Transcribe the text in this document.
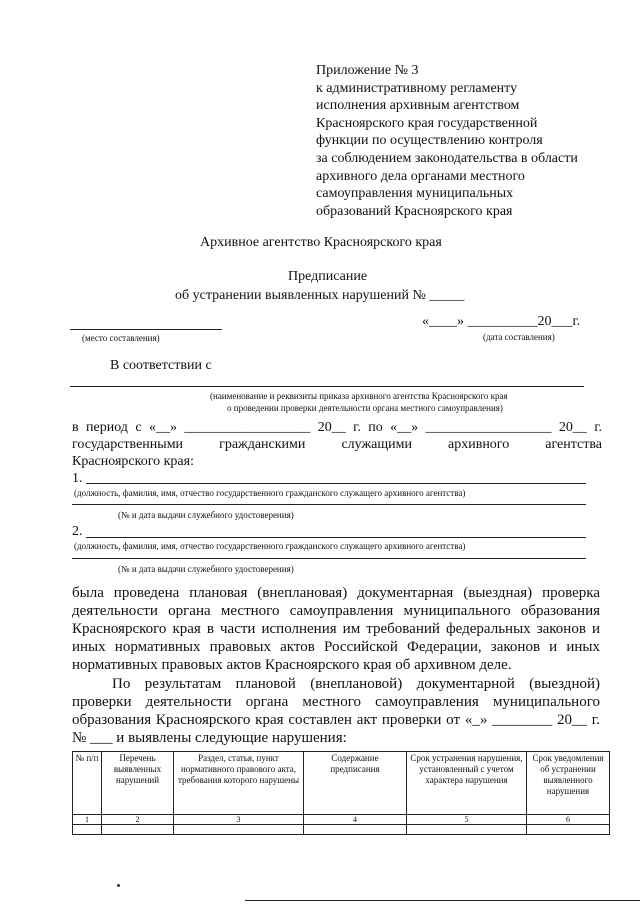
Приложение № 3
к административному регламенту
исполнения архивным агентством
Красноярского края государственной
функции по осуществлению контроля
за соблюдением законодательства в области
архивного дела органами местного
самоуправления муниципальных
образований Красноярского края
Архивное агентство Красноярского края
Предписание
об устранении выявленных нарушений № _____
(место составления)
«____» __________20___г.
(дата составления)
В соответствии с
(наименование и реквизиты приказа архивного агентства Красноярского края
о проведении проверки деятельности органа местного самоуправления)
в период с «__» __________________ 20__ г. по «__» __________________ 20__ г.
государственными	гражданскими	служащими	архивного	агентства
Красноярского края:
1.
(должность, фамилия, имя, отчество государственного гражданского служащего архивного агентства)
(№ и дата выдачи служебного удостоверения)
2.
(должность, фамилия, имя, отчество государственного гражданского служащего архивного агентства)
(№ и дата выдачи служебного удостоверения)
была проведена плановая (внеплановая) документарная (выездная) проверка
деятельности органа местного самоуправления муниципального образования
Красноярского края в части исполнения им требований федеральных законов и
иных нормативных правовых актов Российской Федерации, законов и иных
нормативных правовых актов Красноярского края об архивном деле.
По результатам плановой (внеплановой) документарной (выездной)
проверки деятельности органа местного самоуправления муниципального
образования Красноярского края составлен акт проверки от «_» ________ 20__ г.
№ ___ и выявлены следующие нарушения:
№ п/п	Перечень выявленных нарушений	Раздел, статья, пункт нормативного правового акта, требования которого нарушены	Содержание предписания	Срок устранения нарушения, установленный с учетом характера нарушения	Срок уведомления об устранении выявленного нарушения
1	2	3	4	5	6
